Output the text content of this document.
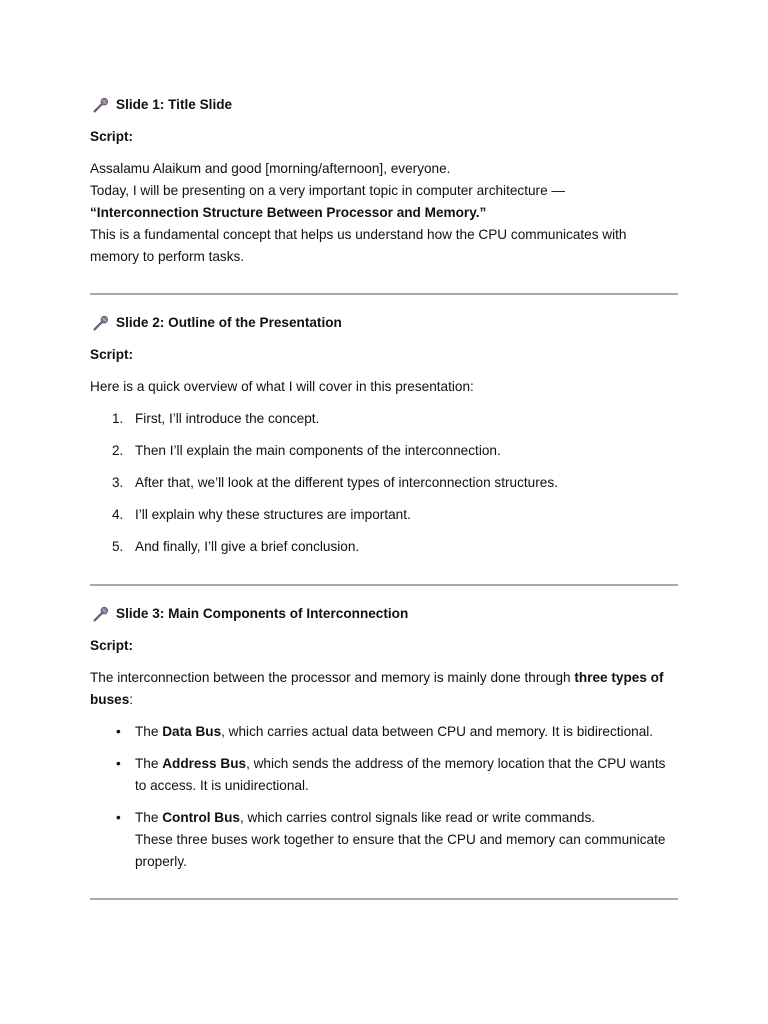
Slide 1: Title Slide
Script:

Assalamu Alaikum and good [morning/afternoon], everyone.
Today, I will be presenting on a very important topic in computer architecture —
“Interconnection Structure Between Processor and Memory.”
This is a fundamental concept that helps us understand how the CPU communicates with memory to perform tasks.

Slide 2: Outline of the Presentation
Script:

Here is a quick overview of what I will cover in this presentation:

1. First, I’ll introduce the concept.
2. Then I’ll explain the main components of the interconnection.
3. After that, we’ll look at the different types of interconnection structures.
4. I’ll explain why these structures are important.
5. And finally, I’ll give a brief conclusion.
Slide 3: Main Components of Interconnection
Script:

The interconnection between the processor and memory is mainly done through three types of buses:

• The Data Bus, which carries actual data between CPU and memory. It is bidirectional.
• The Address Bus, which sends the address of the memory location that the CPU wants to access. It is unidirectional.
• The Control Bus, which carries control signals like read or write commands.
These three buses work together to ensure that the CPU and memory can communicate properly.
